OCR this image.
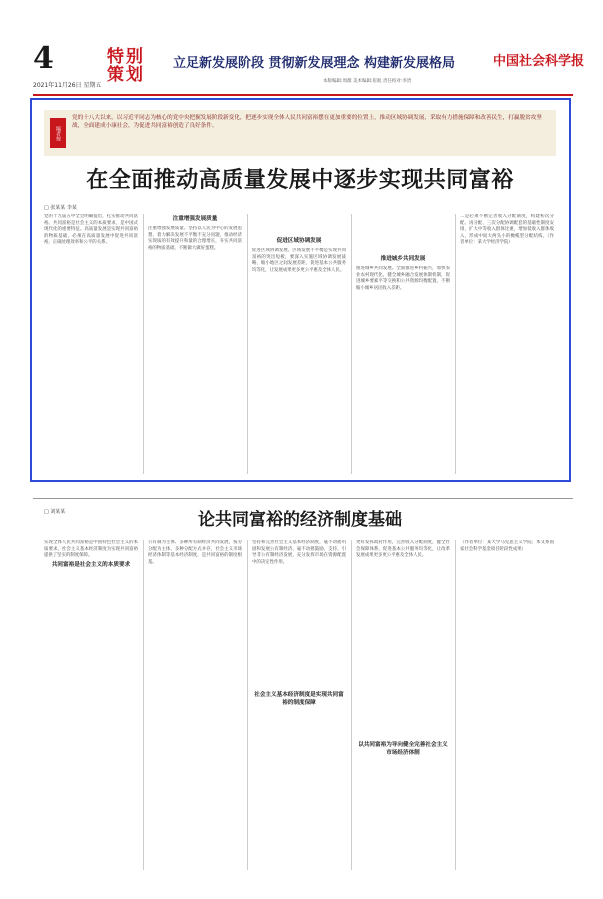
4
2021年11月26日 星期五
特别策划
立足新发展阶段 贯彻新发展理念 构建新发展格局	中国社会科学报
本版编辑:周薇 美术编辑:崔航 责任校对:李贵
编者按
党的十八大以来，以习近平同志为核心的党中央把握发展阶段新变化，把逐步实现全体人民共同富裕摆在更加重要的位置上，推动区域协调发展，采取有力措施保障和改善民生，打赢脱贫攻坚战，全面建成小康社会，为促进共同富裕创造了良好条件。
在全面推动高质量发展中逐步实现共同富裕
□ 张某某 李某
党的十九届五中全会明确提出，扎实推动共同富裕。共同富裕是社会主义的本质要求，是中国式现代化的重要特征。高质量发展是实现共同富裕的物质基础，必须在高质量发展中促进共同富裕，正确处理效率和公平的关系。
注重增强发展质量
注重增强发展质量。坚持以人民为中心的发展思想，着力解决发展不平衡不充分问题，推动经济实现质的有效提升和量的合理增长，夯实共同富裕的物质基础，不断做大做好蛋糕。
促进区域协调发展
促进区域协调发展。区域发展不平衡是实现共同富裕的突出短板，要深入实施区域协调发展战略，缩小地区之间发展差距，促进基本公共服务均等化，让发展成果更多更公平惠及全体人民。
推进城乡共同发展
推进城乡共同发展。全面推进乡村振兴，加快农业农村现代化，健全城乡融合发展体制机制，促进城乡要素平等交换和公共资源均衡配置，不断缩小城乡居民收入差距。
二是必须不断完善收入分配制度，构建初次分配、再分配、三次分配协调配套的基础性制度安排，扩大中等收入群体比重，增加低收入群体收入，形成中间大两头小的橄榄型分配结构。（作者单位：某大学经济学院）
□ 刘某某	论共同富裕的经济制度基础
共同富裕是社会主义的本质要求
实现全体人民共同富裕是中国特色社会主义的本质要求，社会主义基本经济制度为实现共同富裕提供了坚实的制度保障。
公有制为主体、多种所有制经济共同发展，按劳分配为主体、多种分配方式并存，社会主义市场经济体制等基本经济制度，是共同富裕的制度根基。
社会主义基本经济制度是实现共同富裕的制度保障
坚持和完善社会主义基本经济制度，毫不动摇巩固和发展公有制经济，毫不动摇鼓励、支持、引导非公有制经济发展，充分发挥市场在资源配置中的决定性作用。
以共同富裕为导向健全完善社会主义市场经济体制
更好发挥政府作用，完善收入分配制度，健全社会保障体系，促进基本公共服务均等化，让改革发展成果更多更公平惠及全体人民。
（作者单位：某大学马克思主义学院；本文系国家社会科学基金项目阶段性成果）
